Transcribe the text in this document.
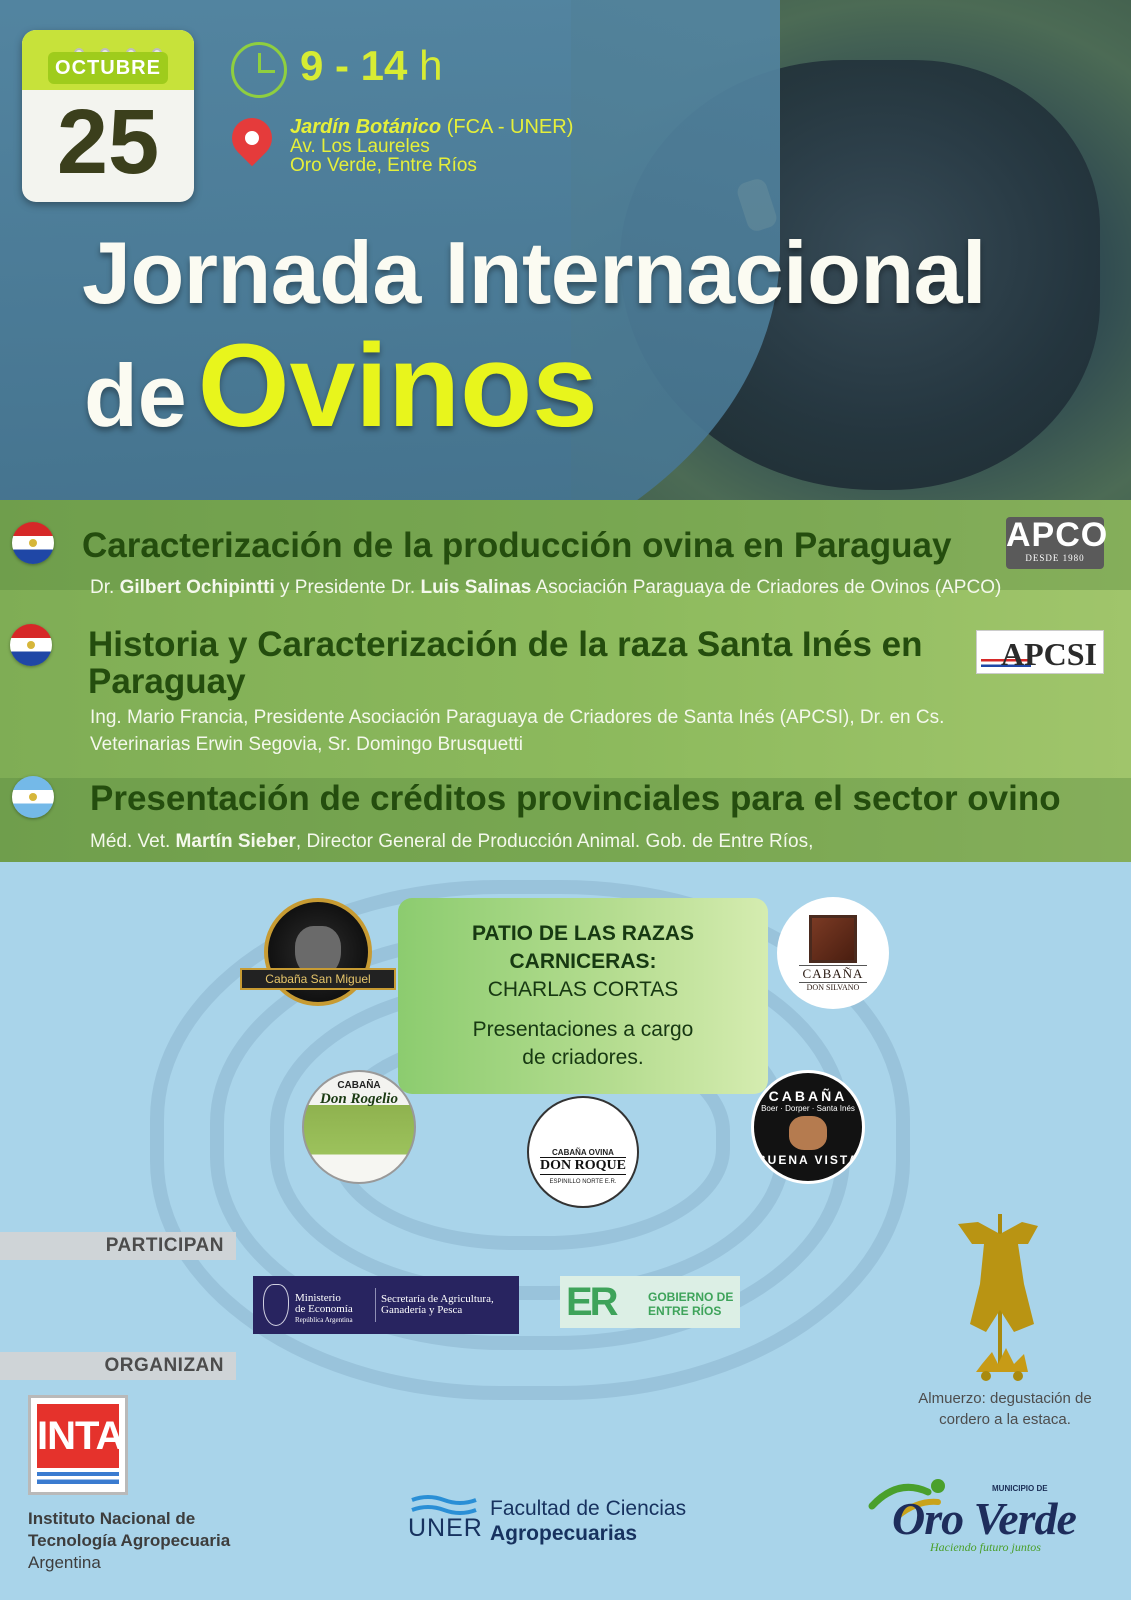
OCTUBRE
25
9 - 14 h
Jardín Botánico (FCA - UNER)
Av. Los Laureles
Oro Verde, Entre Ríos
Jornada Internacional
de Ovinos
Caracterización de la producción ovina en Paraguay
Dr. Gilbert Ochipintti y Presidente Dr. Luis Salinas Asociación Paraguaya de Criadores de Ovinos (APCO)
APCO
DESDE 1980
Historia y Caracterización de la raza Santa Inés en
Paraguay
Ing. Mario Francia, Presidente Asociación Paraguaya de Criadores de Santa Inés (APCSI), Dr. en Cs.
Veterinarias Erwin Segovia, Sr. Domingo Brusquetti
APCSI
Presentación de créditos provinciales para el sector ovino
Méd. Vet. Martín Sieber, Director General de Producción Animal. Gob. de Entre Ríos,
PATIO DE LAS RAZAS
CARNICERAS:
CHARLAS CORTAS
Presentaciones a cargo
de criadores.
Cabaña San Miguel	CABAÑA
DON SILVANO
CABAÑA
Don Rogelio
CABAÑA OVINA
DON ROQUE
ESPINILLO NORTE E.R.
CABAÑA
Boer · Dorper · Santa Inés
BUENA VISTA
PARTICIPAN
Ministerio
de Economía
República Argentina
Secretaría de Agricultura,
Ganadería y Pesca	ER	GOBIERNO DE
ENTRE RÍOS
ORGANIZAN
Almuerzo: degustación de
cordero a la estaca.
INTA
Instituto Nacional de
Tecnología Agropecuaria
Argentina
UNER
Facultad de Ciencias
Agropecuarias
MUNICIPIO DE
Oro Verde
Haciendo futuro juntos
